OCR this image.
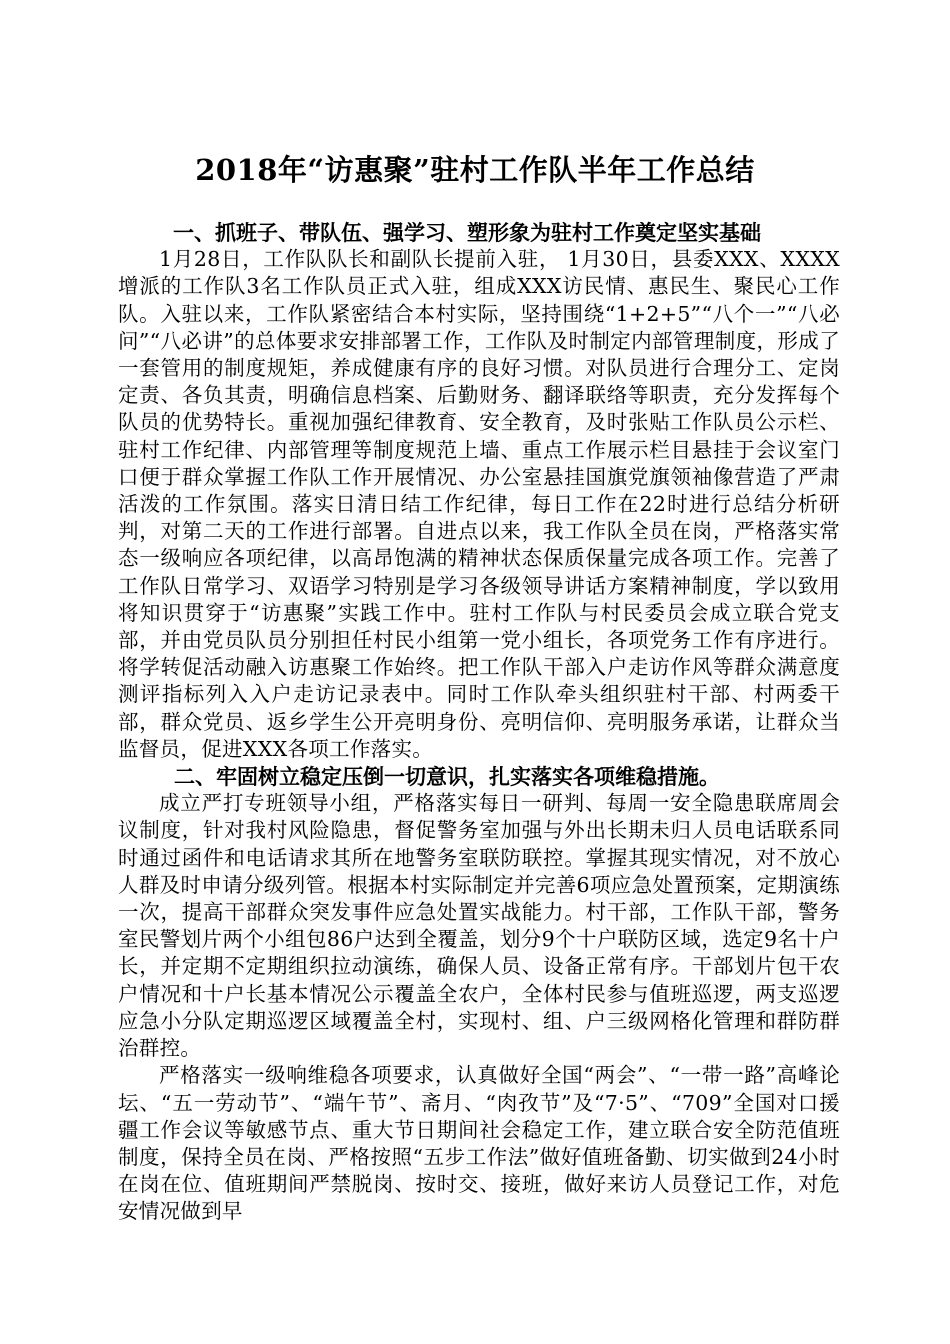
2018年“访惠聚”驻村工作队半年工作总结
一、抓班子、带队伍、强学习、塑形象为驻村工作奠定坚实基础

1月28日，工作队队长和副队长提前入驻， 1月30日，县委XXX、XXXX增派的工作队3名工作队员正式入驻，组成XXX访民情、惠民生、聚民心工作队。入驻以来，工作队紧密结合本村实际，坚持围绕“1+2+5”“八个一”“八必问”“八必讲”的总体要求安排部署工作，工作队及时制定内部管理制度，形成了一套管用的制度规矩，养成健康有序的良好习惯。对队员进行合理分工、定岗定责、各负其责，明确信息档案、后勤财务、翻译联络等职责，充分发挥每个队员的优势特长。重视加强纪律教育、安全教育，及时张贴工作队员公示栏、驻村工作纪律、内部管理等制度规范上墙、重点工作展示栏目悬挂于会议室门口便于群众掌握工作队工作开展情况、办公室悬挂国旗党旗领袖像营造了严肃活泼的工作氛围。落实日清日结工作纪律，每日工作在22时进行总结分析研判，对第二天的工作进行部署。自进点以来，我工作队全员在岗，严格落实常态一级响应各项纪律，以高昂饱满的精神状态保质保量完成各项工作。完善了工作队日常学习、双语学习特别是学习各级领导讲话方案精神制度，学以致用将知识贯穿于“访惠聚”实践工作中。驻村工作队与村民委员会成立联合党支部，并由党员队员分别担任村民小组第一党小组长，各项党务工作有序进行。将学转促活动融入访惠聚工作始终。把工作队干部入户走访作风等群众满意度测评指标列入入户走访记录表中。同时工作队牵头组织驻村干部、村两委干部，群众党员、返乡学生公开亮明身份、亮明信仰、亮明服务承诺，让群众当监督员，促进XXX各项工作落实。

二、牢固树立稳定压倒一切意识，扎实落实各项维稳措施。

成立严打专班领导小组，严格落实每日一研判、每周一安全隐患联席周会议制度，针对我村风险隐患，督促警务室加强与外出长期未归人员电话联系同时通过函件和电话请求其所在地警务室联防联控。掌握其现实情况，对不放心人群及时申请分级列管。根据本村实际制定并完善6项应急处置预案，定期演练一次，提高干部群众突发事件应急处置实战能力。村干部，工作队干部，警务室民警划片两个小组包86户达到全覆盖，划分9个十户联防区域，选定9名十户长，并定期不定期组织拉动演练，确保人员、设备正常有序。干部划片包干农户情况和十户长基本情况公示覆盖全农户，全体村民参与值班巡逻，两支巡逻应急小分队定期巡逻区域覆盖全村，实现村、组、户三级网格化管理和群防群治群控。

严格落实一级响维稳各项要求，认真做好全国“两会”、“一带一路”高峰论坛、“五一劳动节”、“端午节”、斋月、“肉孜节”及“7·5”、“709”全国对口援疆工作会议等敏感节点、重大节日期间社会稳定工作，建立联合安全防范值班制度，保持全员在岗、严格按照“五步工作法”做好值班备勤、切实做到24小时在岗在位、值班期间严禁脱岗、按时交、接班，做好来访人员登记工作，对危安情况做到早
